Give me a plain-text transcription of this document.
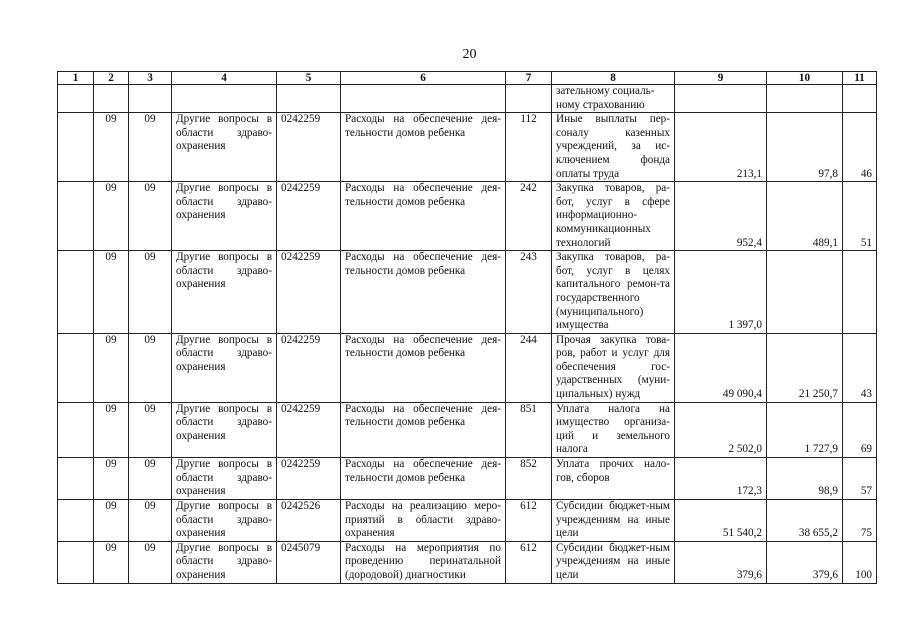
20
1	2	3	4	5	6	7	8	9	10	11
							зательному социаль-
ному страхованию			
	09	09	Другие вопросы в области здраво-охранения	0242259	Расходы на обеспечение дея-тельности домов ребенка	112	Иные выплаты пер-соналу казенных учреждений, за ис-ключением фонда оплаты труда	213,1	97,8	46
	09	09	Другие вопросы в области здраво-охранения	0242259	Расходы на обеспечение дея-тельности домов ребенка	242	Закупка товаров, ра-бот, услуг в сфере информационно-коммуникационных технологий	952,4	489,1	51
	09	09	Другие вопросы в области здраво-охранения	0242259	Расходы на обеспечение дея-тельности домов ребенка	243	Закупка товаров, ра-бот, услуг в целях капитального ремон-та государственного (муниципального) имущества	1 397,0		
	09	09	Другие вопросы в области здраво-охранения	0242259	Расходы на обеспечение дея-тельности домов ребенка	244	Прочая закупка това-ров, работ и услуг для обеспечения гос-ударственных (муни-ципальных) нужд	49 090,4	21 250,7	43
	09	09	Другие вопросы в области здраво-охранения	0242259	Расходы на обеспечение дея-тельности домов ребенка	851	Уплата налога на имущество организа-ций и земельного налога	2 502,0	1 727,9	69
	09	09	Другие вопросы в области здраво-охранения	0242259	Расходы на обеспечение дея-тельности домов ребенка	852	Уплата прочих нало-гов, сборов	172,3	98,9	57
	09	09	Другие вопросы в области здраво-охранения	0242526	Расходы на реализацию меро-приятий в области здраво-охранения	612	Субсидии бюджет-ным учреждениям на иные цели	51 540,2	38 655,2	75
	09	09	Другие вопросы в области здраво-охранения	0245079	Расходы на мероприятия по проведению перинатальной (дородовой) диагностики	612	Субсидии бюджет-ным учреждениям на иные цели	379,6	379,6	100
